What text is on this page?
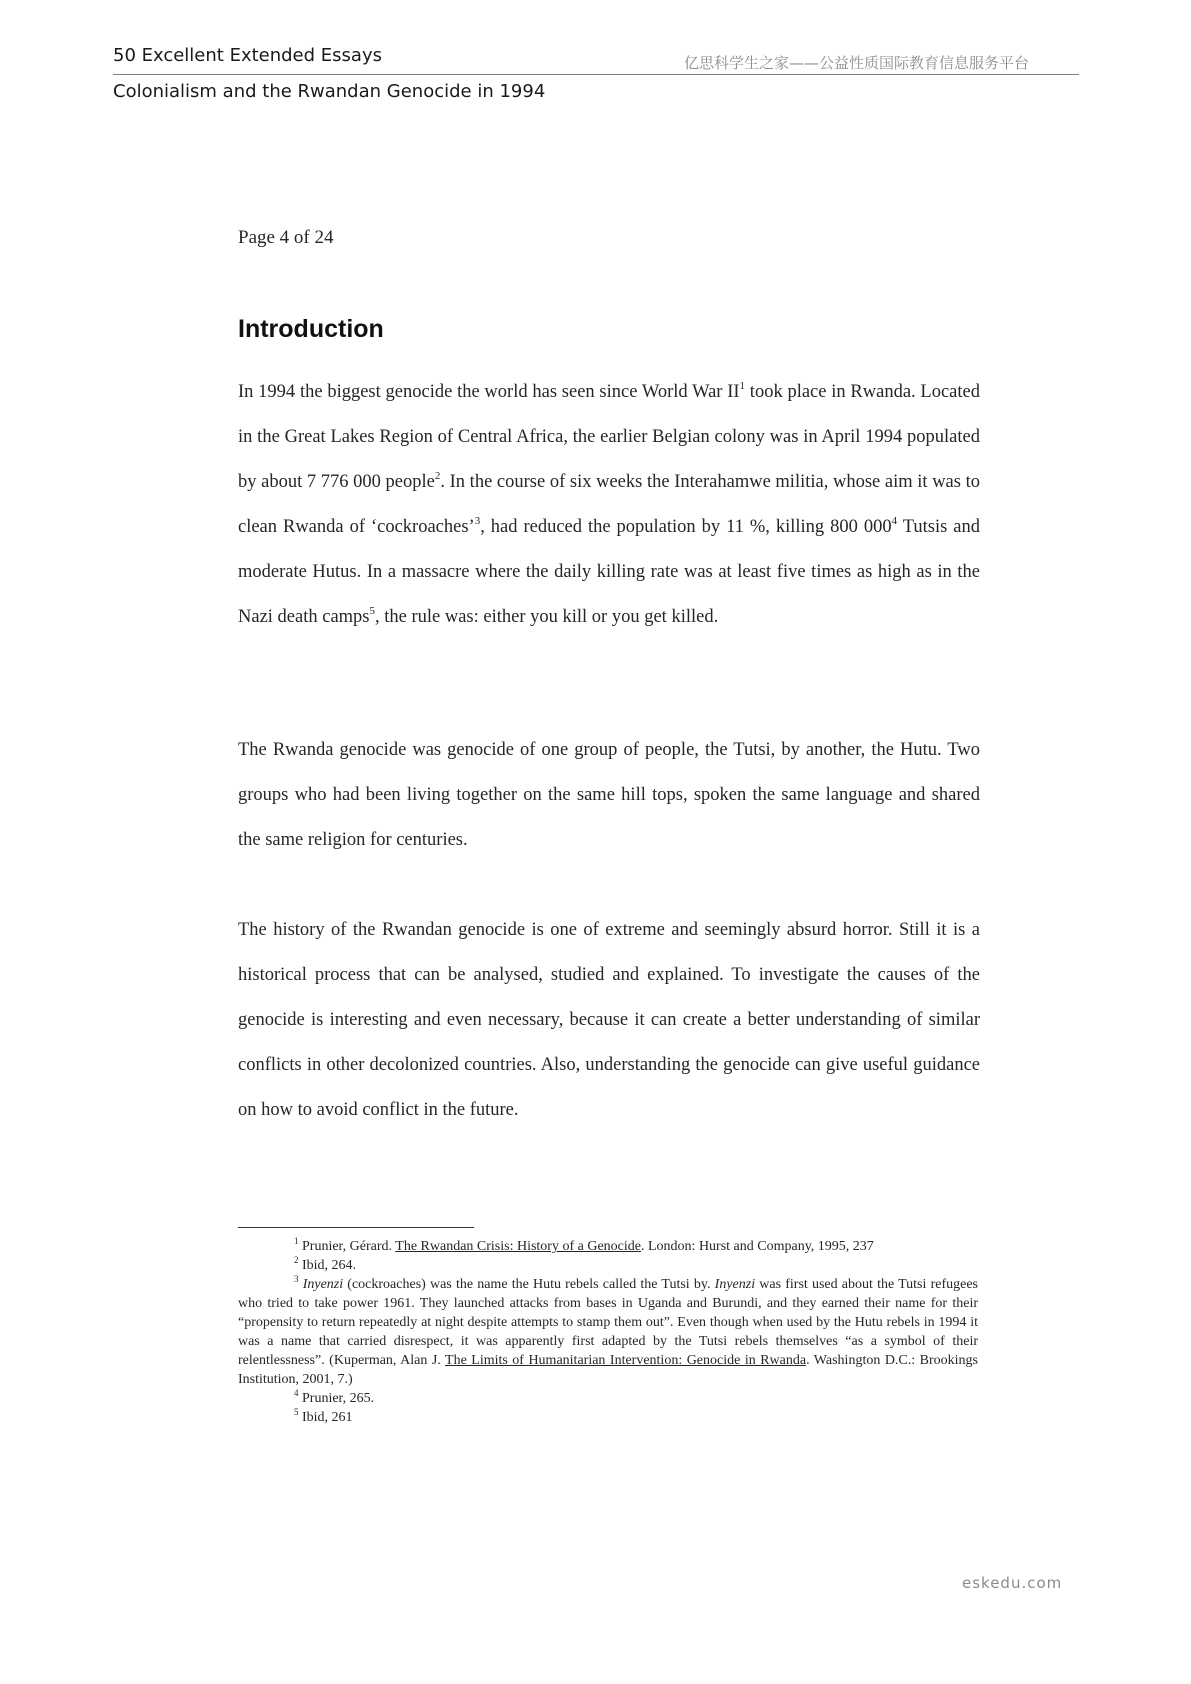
50 Excellent Extended Essays	亿思科学生之家——公益性质国际教育信息服务平台
Colonialism and the Rwandan Genocide in 1994
Page 4 of 24
Introduction

In 1994 the biggest genocide the world has seen since World War $II^1$ took place in Rwanda. Located in the Great Lakes Region of Central Africa, the earlier Belgian colony was in April 1994 populated by about 7 776 000 people$^2$. In the course of six weeks the Interahamwe militia, whose aim it was to clean Rwanda of ‘cockroaches’$^3$, had reduced the population by 11 %, killing 800 $000^4$ Tutsis and moderate Hutus. In a massacre where the daily killing rate was at least five times as high as in the Nazi death camps$^5$, the rule was: either you kill or you get killed.

The Rwanda genocide was genocide of one group of people, the Tutsi, by another, the Hutu. Two groups who had been living together on the same hill tops, spoken the same language and shared the same religion for centuries.

The history of the Rwandan genocide is one of extreme and seemingly absurd horror. Still it is a historical process that can be analysed, studied and explained. To investigate the causes of the genocide is interesting and even necessary, because it can create a better understanding of similar conflicts in other decolonized countries. Also, understanding the genocide can give useful guidance on how to avoid conflict in the future.

$^1$ Prunier, Gérard. The Rwandan Crisis: History of a Genocide. London: Hurst and Company, 1995, 237

$^2$ Ibid, 264.

$^3$ Inyenzi (cockroaches) was the name the Hutu rebels called the Tutsi by. Inyenzi was first used about the Tutsi refugees who tried to take power 1961. They launched attacks from bases in Uganda and Burundi, and they earned their name for their “propensity to return repeatedly at night despite attempts to stamp them out”. Even though when used by the Hutu rebels in 1994 it was a name that carried disrespect, it was apparently first adapted by the Tutsi rebels themselves “as a symbol of their relentlessness”. (Kuperman, Alan J. The Limits of Humanitarian Intervention: Genocide in Rwanda. Washington D.C.: Brookings Institution, 2001, 7.)

$^4$ Prunier, 265.

$^5$ Ibid, 261

eskedu.com
